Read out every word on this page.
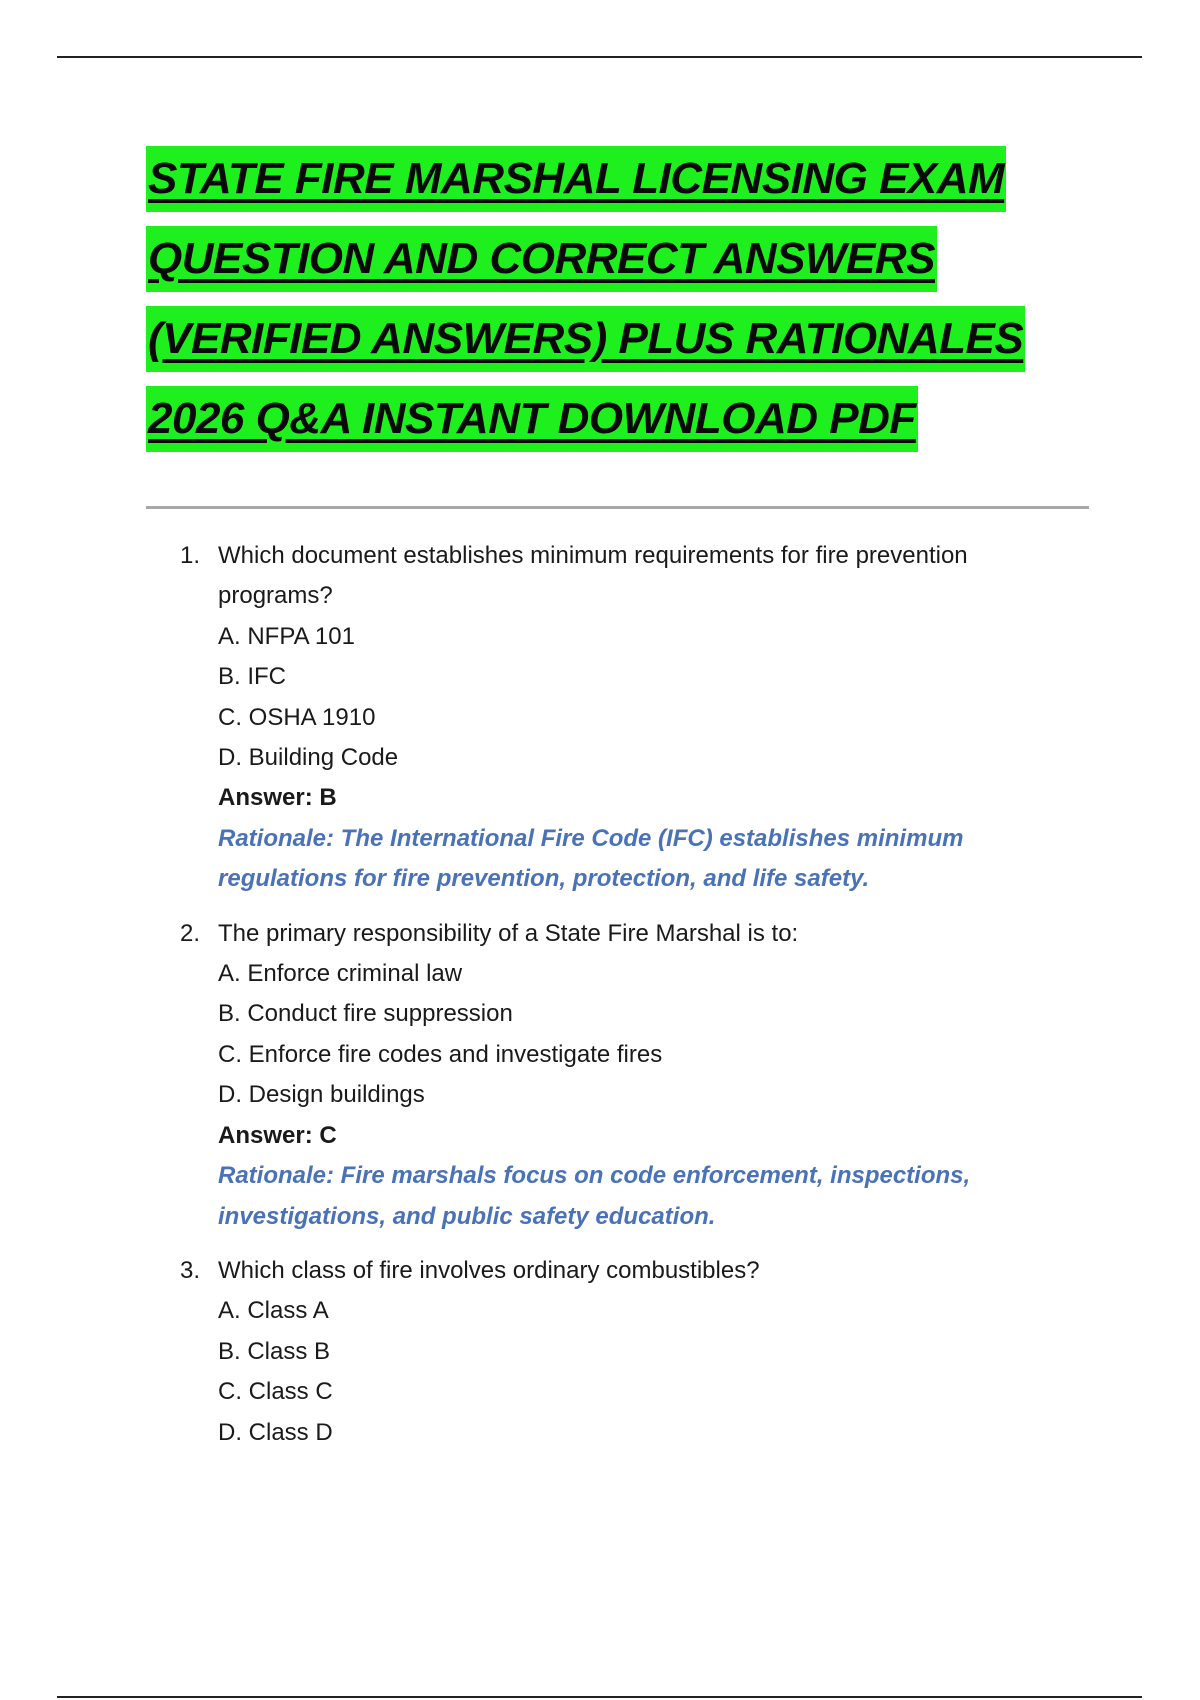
STATE FIRE MARSHAL LICENSING EXAM
QUESTION AND CORRECT ANSWERS
(VERIFIED ANSWERS) PLUS RATIONALES
2026 Q&A INSTANT DOWNLOAD PDF
1. Which document establishes minimum requirements for fire prevention programs?
A. NFPA 101
B. IFC
C. OSHA 1910
D. Building Code
Answer: B
Rationale: The International Fire Code (IFC) establishes minimum regulations for fire prevention, protection, and life safety.
2. The primary responsibility of a State Fire Marshal is to:
A. Enforce criminal law
B. Conduct fire suppression
C. Enforce fire codes and investigate fires
D. Design buildings
Answer: C
Rationale: Fire marshals focus on code enforcement, inspections, investigations, and public safety education.
3. Which class of fire involves ordinary combustibles?
A. Class A
B. Class B
C. Class C
D. Class D
